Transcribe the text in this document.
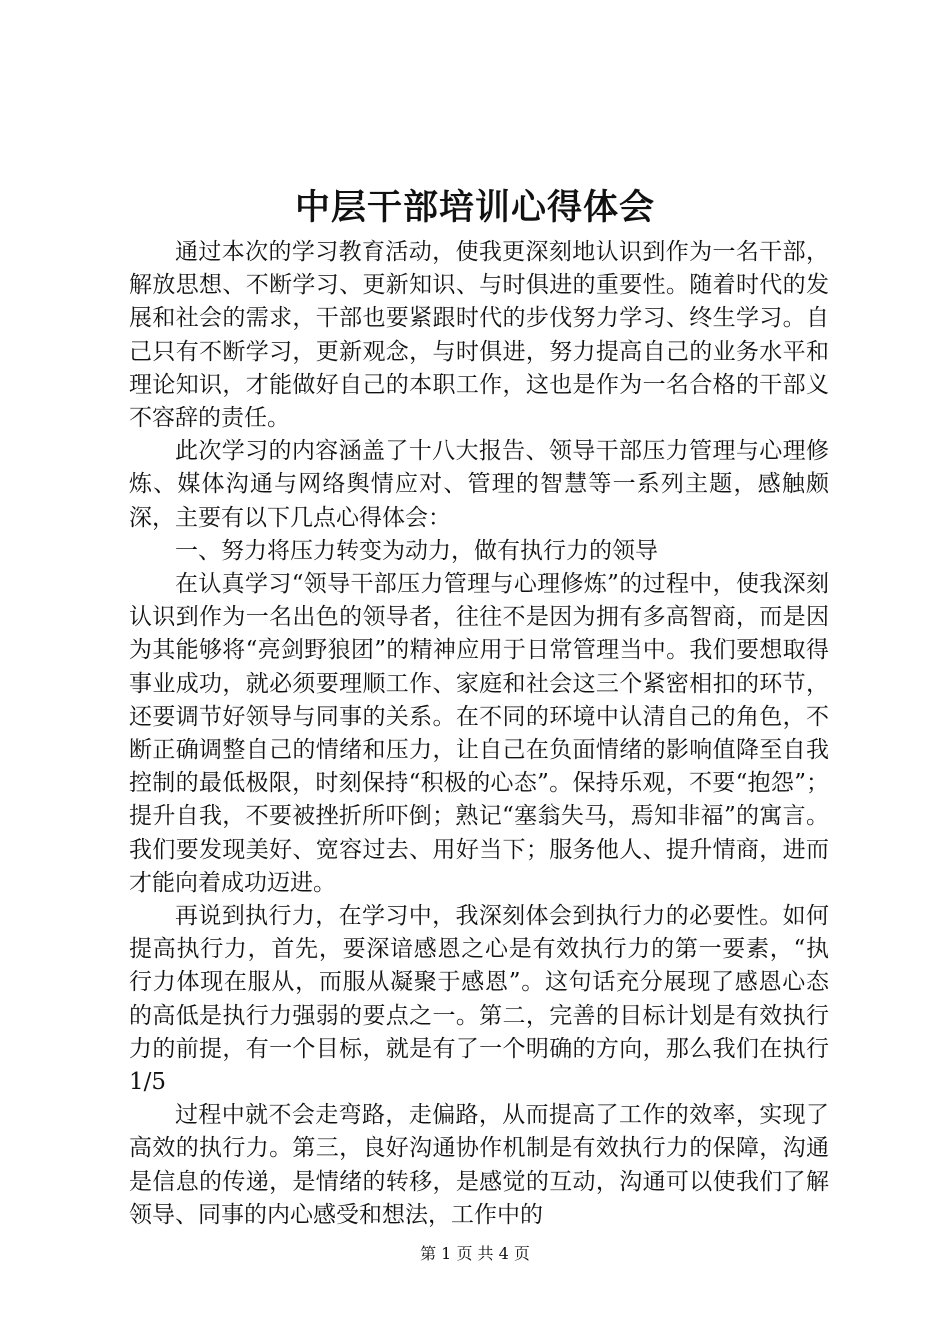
中层干部培训心得体会

通过本次的学习教育活动，使我更深刻地认识到作为一名干部，解放思想、不断学习、更新知识、与时俱进的重要性。随着时代的发展和社会的需求，干部也要紧跟时代的步伐努力学习、终生学习。自己只有不断学习，更新观念，与时俱进，努力提高自己的业务水平和理论知识，才能做好自己的本职工作，这也是作为一名合格的干部义不容辞的责任。

此次学习的内容涵盖了十八大报告、领导干部压力管理与心理修炼、媒体沟通与网络舆情应对、管理的智慧等一系列主题，感触颇深，主要有以下几点心得体会：

一、努力将压力转变为动力，做有执行力的领导

在认真学习“领导干部压力管理与心理修炼”的过程中，使我深刻认识到作为一名出色的领导者，往往不是因为拥有多高智商，而是因为其能够将“亮剑野狼团”的精神应用于日常管理当中。我们要想取得事业成功，就必须要理顺工作、家庭和社会这三个紧密相扣的环节，还要调节好领导与同事的关系。在不同的环境中认清自己的角色，不断正确调整自己的情绪和压力，让自己在负面情绪的影响值降至自我控制的最低极限，时刻保持“积极的心态”。保持乐观，不要“抱怨”；提升自我，不要被挫折所吓倒；熟记“塞翁失马，焉知非福”的寓言。我们要发现美好、宽容过去、用好当下；服务他人、提升情商，进而才能向着成功迈进。

再说到执行力，在学习中，我深刻体会到执行力的必要性。如何提高执行力，首先，要深谙感恩之心是有效执行力的第一要素，“执行力体现在服从，而服从凝聚于感恩”。这句话充分展现了感恩心态的高低是执行力强弱的要点之一。第二，完善的目标计划是有效执行力的前提，有一个目标，就是有了一个明确的方向，那么我们在执行 1/5

过程中就不会走弯路，走偏路，从而提高了工作的效率，实现了高效的执行力。第三，良好沟通协作机制是有效执行力的保障，沟通是信息的传递，是情绪的转移，是感觉的互动，沟通可以使我们了解领导、同事的内心感受和想法，工作中的

第 1 页 共 4 页
